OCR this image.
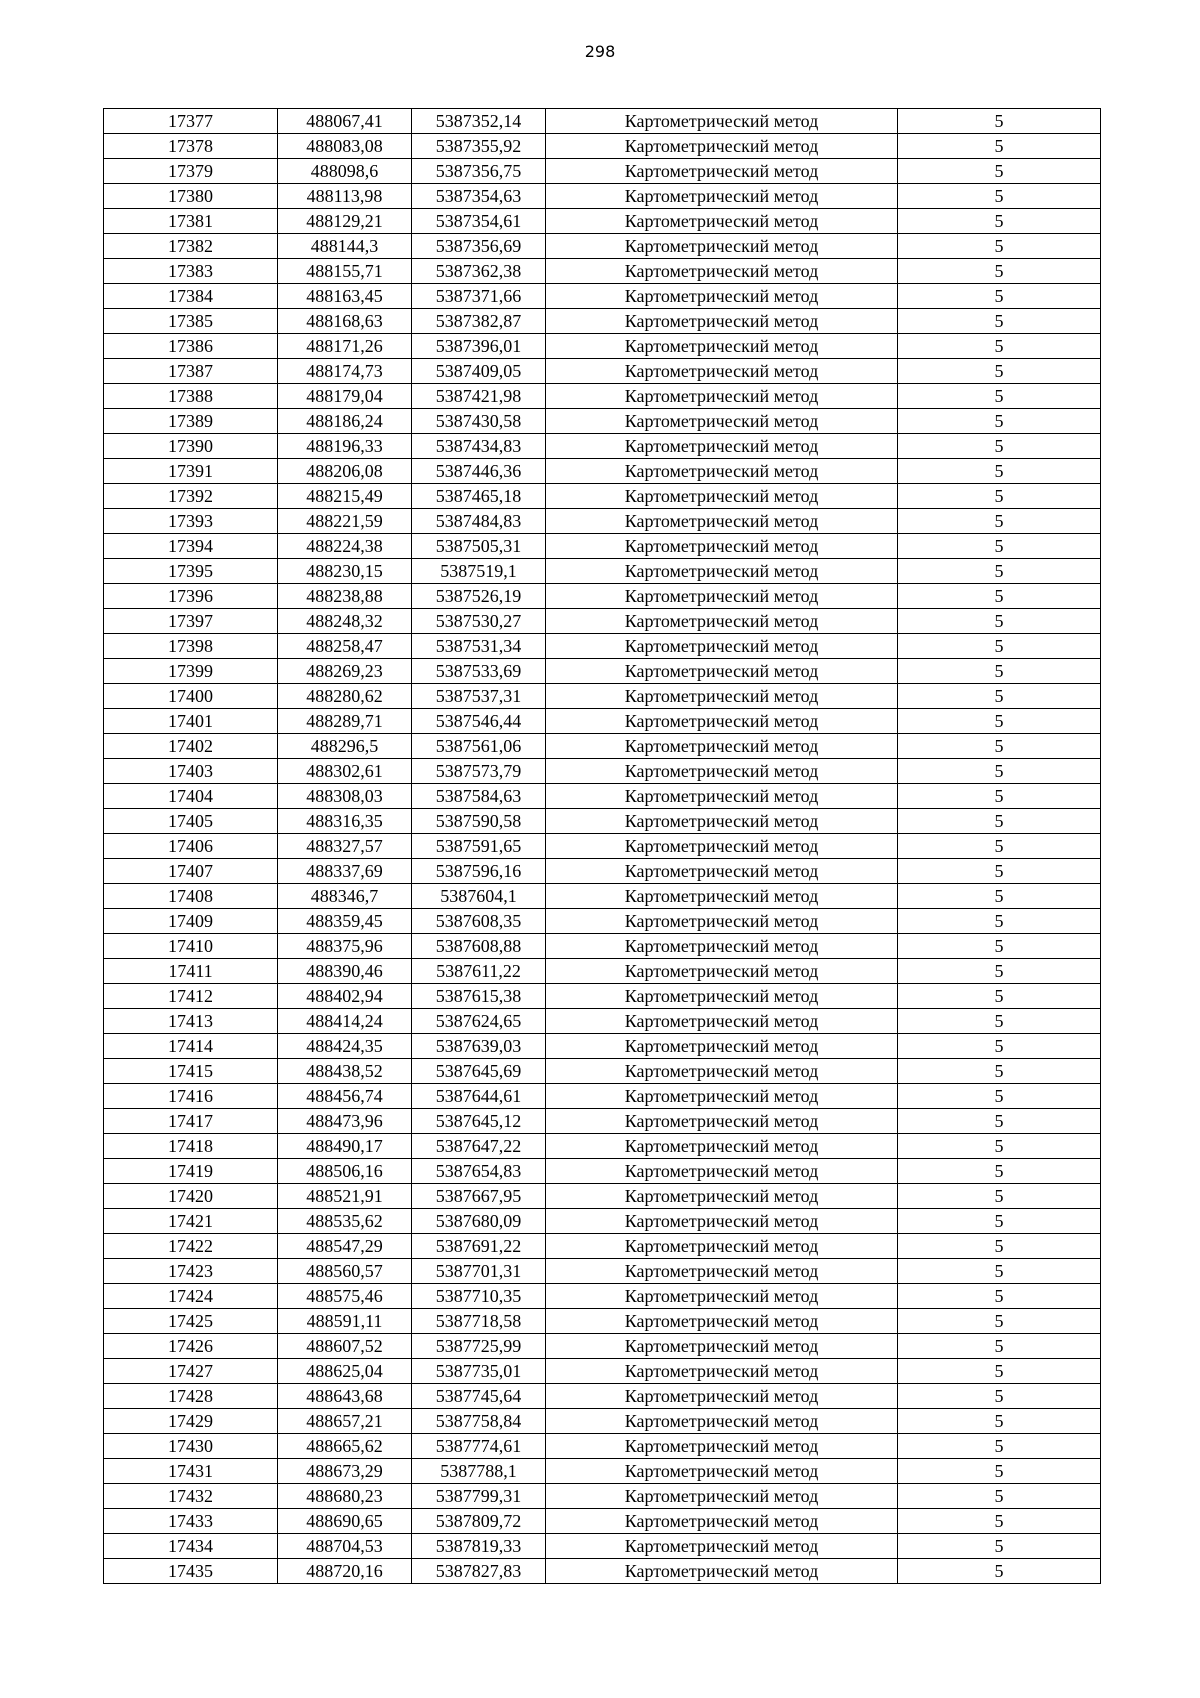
298
17377	488067,41	5387352,14	Картометрический метод	5
17378	488083,08	5387355,92	Картометрический метод	5
17379	488098,6	5387356,75	Картометрический метод	5
17380	488113,98	5387354,63	Картометрический метод	5
17381	488129,21	5387354,61	Картометрический метод	5
17382	488144,3	5387356,69	Картометрический метод	5
17383	488155,71	5387362,38	Картометрический метод	5
17384	488163,45	5387371,66	Картометрический метод	5
17385	488168,63	5387382,87	Картометрический метод	5
17386	488171,26	5387396,01	Картометрический метод	5
17387	488174,73	5387409,05	Картометрический метод	5
17388	488179,04	5387421,98	Картометрический метод	5
17389	488186,24	5387430,58	Картометрический метод	5
17390	488196,33	5387434,83	Картометрический метод	5
17391	488206,08	5387446,36	Картометрический метод	5
17392	488215,49	5387465,18	Картометрический метод	5
17393	488221,59	5387484,83	Картометрический метод	5
17394	488224,38	5387505,31	Картометрический метод	5
17395	488230,15	5387519,1	Картометрический метод	5
17396	488238,88	5387526,19	Картометрический метод	5
17397	488248,32	5387530,27	Картометрический метод	5
17398	488258,47	5387531,34	Картометрический метод	5
17399	488269,23	5387533,69	Картометрический метод	5
17400	488280,62	5387537,31	Картометрический метод	5
17401	488289,71	5387546,44	Картометрический метод	5
17402	488296,5	5387561,06	Картометрический метод	5
17403	488302,61	5387573,79	Картометрический метод	5
17404	488308,03	5387584,63	Картометрический метод	5
17405	488316,35	5387590,58	Картометрический метод	5
17406	488327,57	5387591,65	Картометрический метод	5
17407	488337,69	5387596,16	Картометрический метод	5
17408	488346,7	5387604,1	Картометрический метод	5
17409	488359,45	5387608,35	Картометрический метод	5
17410	488375,96	5387608,88	Картометрический метод	5
17411	488390,46	5387611,22	Картометрический метод	5
17412	488402,94	5387615,38	Картометрический метод	5
17413	488414,24	5387624,65	Картометрический метод	5
17414	488424,35	5387639,03	Картометрический метод	5
17415	488438,52	5387645,69	Картометрический метод	5
17416	488456,74	5387644,61	Картометрический метод	5
17417	488473,96	5387645,12	Картометрический метод	5
17418	488490,17	5387647,22	Картометрический метод	5
17419	488506,16	5387654,83	Картометрический метод	5
17420	488521,91	5387667,95	Картометрический метод	5
17421	488535,62	5387680,09	Картометрический метод	5
17422	488547,29	5387691,22	Картометрический метод	5
17423	488560,57	5387701,31	Картометрический метод	5
17424	488575,46	5387710,35	Картометрический метод	5
17425	488591,11	5387718,58	Картометрический метод	5
17426	488607,52	5387725,99	Картометрический метод	5
17427	488625,04	5387735,01	Картометрический метод	5
17428	488643,68	5387745,64	Картометрический метод	5
17429	488657,21	5387758,84	Картометрический метод	5
17430	488665,62	5387774,61	Картометрический метод	5
17431	488673,29	5387788,1	Картометрический метод	5
17432	488680,23	5387799,31	Картометрический метод	5
17433	488690,65	5387809,72	Картометрический метод	5
17434	488704,53	5387819,33	Картометрический метод	5
17435	488720,16	5387827,83	Картометрический метод	5
